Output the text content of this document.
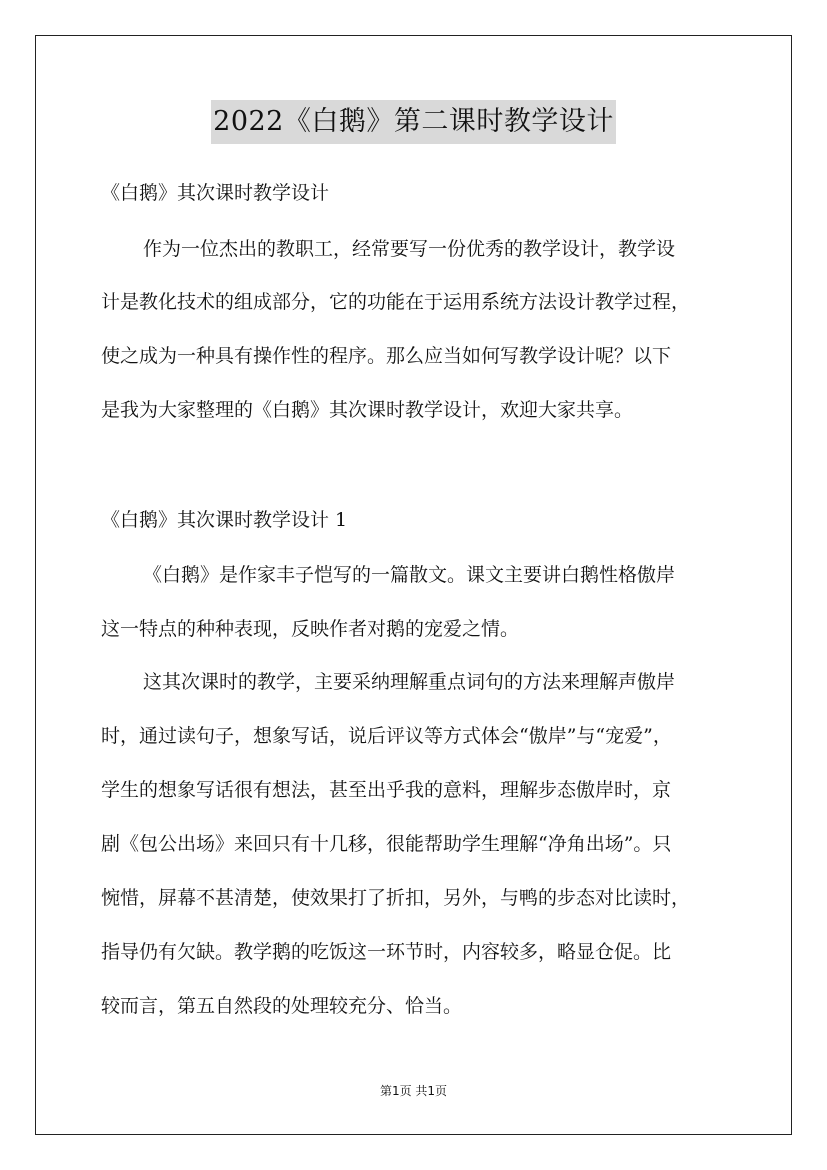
2022《白鹅》第二课时教学设计
《白鹅》其次课时教学设计
作为一位杰出的教职工，经常要写一份优秀的教学设计，教学设
计是教化技术的组成部分，它的功能在于运用系统方法设计教学过程，
使之成为一种具有操作性的程序。那么应当如何写教学设计呢？以下
是我为大家整理的《白鹅》其次课时教学设计，欢迎大家共享。
《白鹅》其次课时教学设计 1
《白鹅》是作家丰子恺写的一篇散文。课文主要讲白鹅性格傲岸
这一特点的种种表现，反映作者对鹅的宠爱之情。
这其次课时的教学，主要采纳理解重点词句的方法来理解声傲岸
时，通过读句子，想象写话，说后评议等方式体会“傲岸”与“宠爱”，
学生的想象写话很有想法，甚至出乎我的意料，理解步态傲岸时，京
剧《包公出场》来回只有十几移，很能帮助学生理解“净角出场”。只
惋惜，屏幕不甚清楚，使效果打了折扣，另外，与鸭的步态对比读时，
指导仍有欠缺。教学鹅的吃饭这一环节时，内容较多，略显仓促。比
较而言，第五自然段的处理较充分、恰当。
第1页 共1页
